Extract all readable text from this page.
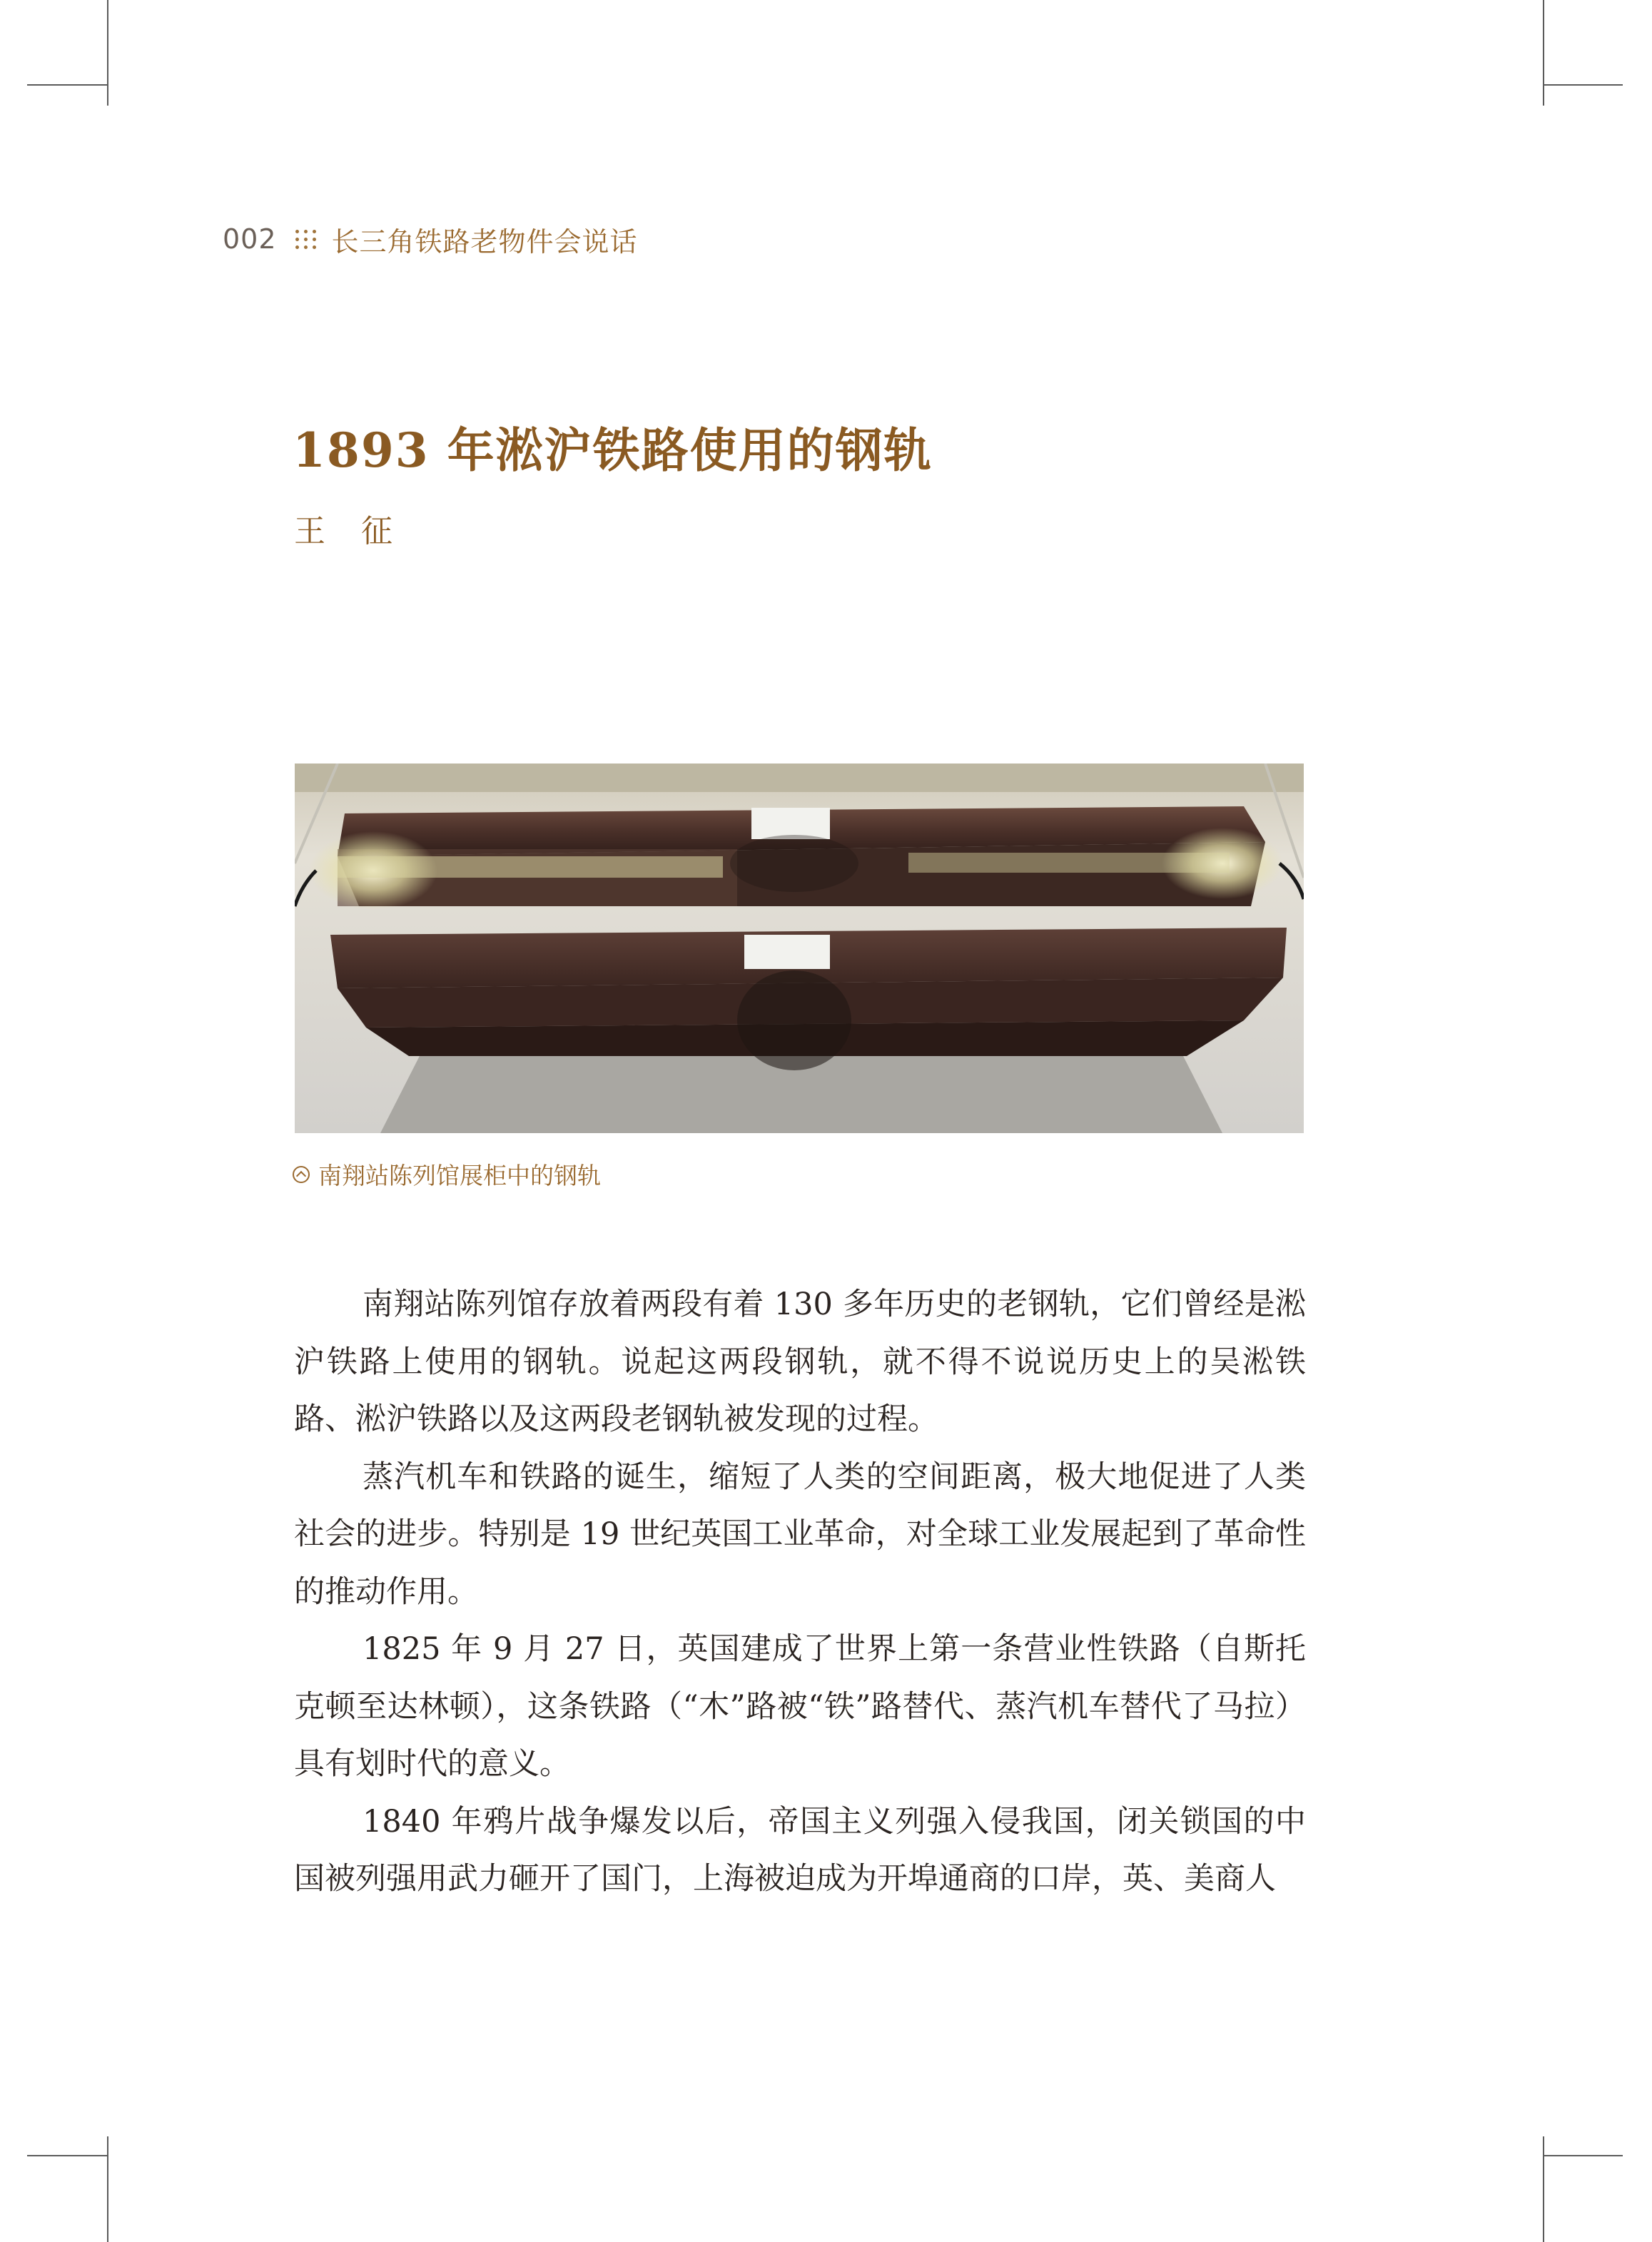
002 长三角铁路老物件会说话
1893 年淞沪铁路使用的钢轨
王征
南翔站陈列馆展柜中的钢轨

南翔站陈列馆存放着两段有着 130 多年历史的老钢轨，它们曾经是淞沪铁路上使用的钢轨。说起这两段钢轨，就不得不说说历史上的吴淞铁路、淞沪铁路以及这两段老钢轨被发现的过程。

蒸汽机车和铁路的诞生，缩短了人类的空间距离，极大地促进了人类社会的进步。特别是 19 世纪英国工业革命，对全球工业发展起到了革命性的推动作用。

1825 年 9 月 27 日，英国建成了世界上第一条营业性铁路（自斯托克顿至达林顿），这条铁路（“木”路被“铁”路替代、蒸汽机车替代了马拉）具有划时代的意义。

1840 年鸦片战争爆发以后，帝国主义列强入侵我国，闭关锁国的中国被列强用武力砸开了国门，上海被迫成为开埠通商的口岸，英、美商人
